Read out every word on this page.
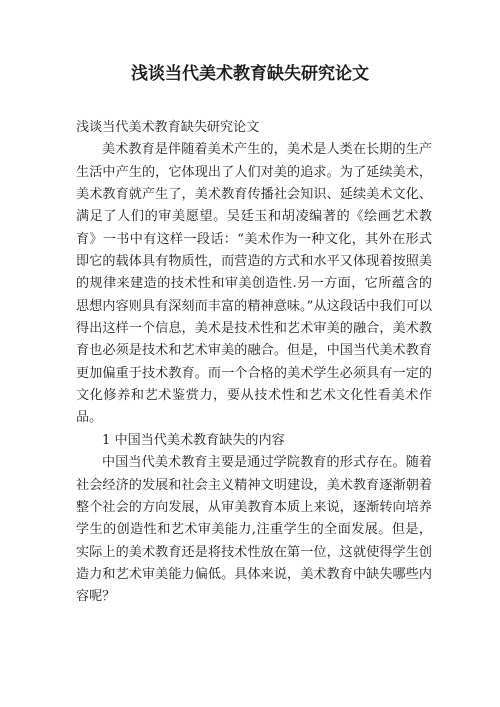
浅谈当代美术教育缺失研究论文

浅谈当代美术教育缺失研究论文

美术教育是伴随着美术产生的，美术是人类在长期的生产生活中产生的，它体现出了人们对美的追求。为了延续美术，美术教育就产生了，美术教育传播社会知识、延续美术文化、满足了人们的审美愿望。吴廷玉和胡凌编著的《绘画艺术教育》一书中有这样一段话：“美术作为一种文化，其外在形式即它的载体具有物质性，而营造的方式和水平又体现着按照美的规律来建造的技术性和审美创造性.另一方面，它所蕴含的思想内容则具有深刻而丰富的精神意味。”从这段话中我们可以得出这样一个信息，美术是技术性和艺术审美的融合，美术教育也必须是技术和艺术审美的融合。但是，中国当代美术教育更加偏重于技术教育。而一个合格的美术学生必须具有一定的文化修养和艺术鉴赏力，要从技术性和艺术文化性看美术作品。

1 中国当代美术教育缺失的内容

中国当代美术教育主要是通过学院教育的形式存在。随着社会经济的发展和社会主义精神文明建设，美术教育逐渐朝着整个社会的方向发展，从审美教育本质上来说，逐渐转向培养学生的创造性和艺术审美能力,注重学生的全面发展。但是，实际上的美术教育还是将技术性放在第一位，这就使得学生创造力和艺术审美能力偏低。具体来说，美术教育中缺失哪些内容呢？
